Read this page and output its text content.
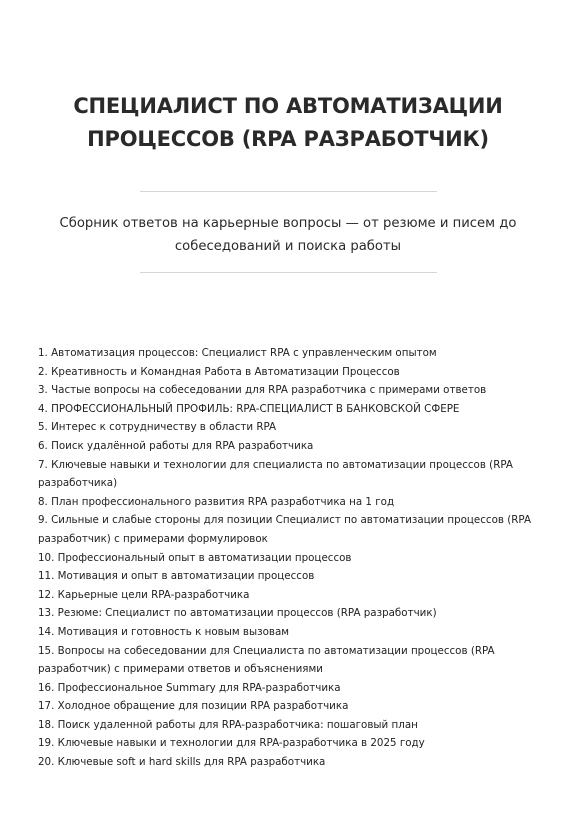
СПЕЦИАЛИСТ ПО АВТОМАТИЗАЦИИ
ПРОЦЕССОВ (RPA РАЗРАБОТЧИК)
Сборник ответов на карьерные вопросы — от резюме и писем до
собеседований и поиска работы
1. Автоматизация процессов: Специалист RPA с управленческим опытом
2. Креативность и Командная Работа в Автоматизации Процессов
3. Частые вопросы на собеседовании для RPA разработчика с примерами ответов
4. ПРОФЕССИОНАЛЬНЫЙ ПРОФИЛЬ: RPA-СПЕЦИАЛИСТ В БАНКОВСКОЙ СФЕРЕ
5. Интерес к сотрудничеству в области RPA
6. Поиск удалённой работы для RPA разработчика
7. Ключевые навыки и технологии для специалиста по автоматизации процессов (RPA
разработчика)
8. План профессионального развития RPA разработчика на 1 год
9. Сильные и слабые стороны для позиции Специалист по автоматизации процессов (RPA
разработчик) с примерами формулировок
10. Профессиональный опыт в автоматизации процессов
11. Мотивация и опыт в автоматизации процессов
12. Карьерные цели RPA-разработчика
13. Резюме: Специалист по автоматизации процессов (RPA разработчик)
14. Мотивация и готовность к новым вызовам
15. Вопросы на собеседовании для Специалиста по автоматизации процессов (RPA
разработчик) с примерами ответов и объяснениями
16. Профессиональное Summary для RPA-разработчика
17. Холодное обращение для позиции RPA разработчика
18. Поиск удаленной работы для RPA-разработчика: пошаговый план
19. Ключевые навыки и технологии для RPA-разработчика в 2025 году
20. Ключевые soft и hard skills для RPA разработчика
